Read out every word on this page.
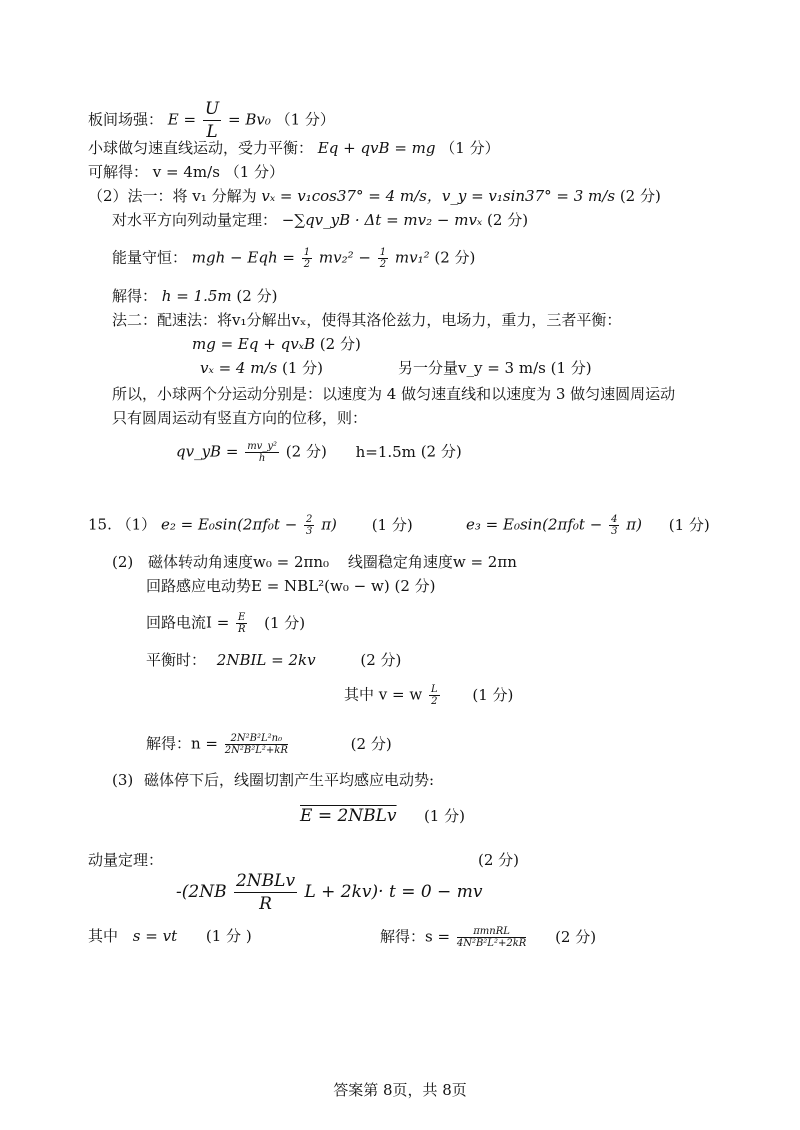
板间场强： $E = \frac{U}{L} = Bv_0$ （1 分）
小球做匀速直线运动，受力平衡： Eq + qvB = mg （1 分）
可解得： v = 4m/s （1 分）
（2）法一：将 v₁ 分解为 vₓ = v₁cos37° = 4 m/s，v_y = v₁sin37° = 3 m/s (2 分)
对水平方向列动量定理： −∑qv_yB · Δt = mv₂ − mvₓ (2 分)
能量守恒： mgh − Eqh = $\frac{1}{2} mv_2^2 - \frac{1}{2} mv_1^2$ (2 分)
解得： h = 1.5m (2 分)
法二：配速法：将v₁分解出vₓ，使得其洛伦兹力，电场力，重力，三者平衡：
mg = Eq + qvₓB (2 分)
vₓ = 4 m/s (1 分)	另一分量v_y = 3 m/s (1 分)
所以，小球两个分运动分别是：以速度为 4 做匀速直线和以速度为 3 做匀速圆周运动
只有圆周运动有竖直方向的位移，则：
qv_yB = $\frac{\text{mv\_y²}}{h} (2$ 分) h=1.5m (2 分)
15. （1） $e_2 = E_0\sin(2\pi f_0t - \frac{2}{3} \pi)$ (1 分)	$e_3 = E_0\sin(2\pi f_0t - \frac{4}{3} \pi)$ (1 分)
(2) 磁体转动角速度w₀ = 2πn₀ 线圈稳定角速度w = 2πn
回路感应电动势E = NBL²(w₀ − w) (2 分)
回路电流$I = \frac{E}{R} (1$ 分)
平衡时： 2NBIL = 2kv	(2 分)
其中 v = w $\frac{L}{2} (1$ 分)
解得：$n = \frac{\text{2N²B²L²n₀}}{\text{2N²B²L²+kR}}$	(2 分)
(3) 磁体停下后，线圈切割产生平均感应电动势:
E = 2NBLv (1 分)
动量定理：	(2 分)
$-(2NB \frac{\text{2NBLv}}{R}$ L + 2kv)· t = 0 − mv
其中 s = vt (1 分 )	解得：$s = \frac{\text{πmnRL}}{\text{4N²B²L²+2kR}} (2$ 分)
答案第 8页，共 8页
